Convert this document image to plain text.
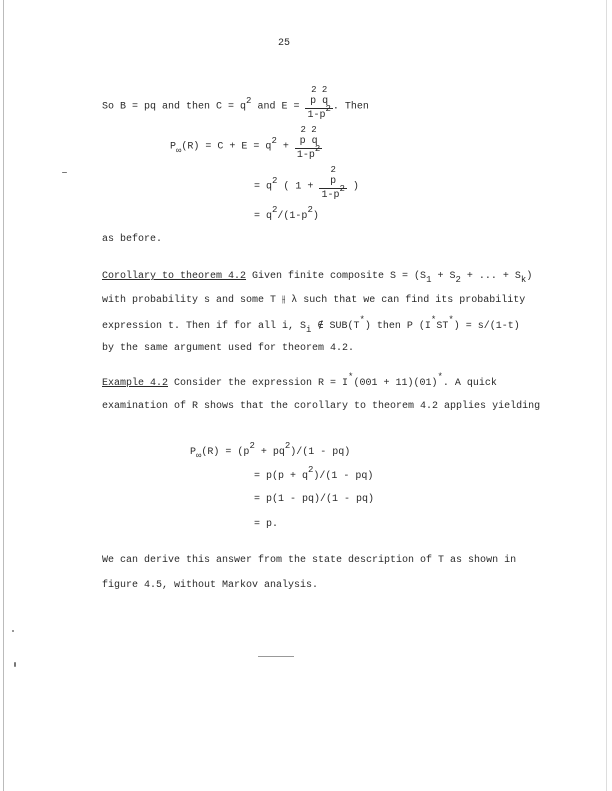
25
So B = pq and then C = q2 and E = 2 2
p q
1-p2 . Then
P∞(R) = C + E = q2 + 2 2
p q
1-p2
= q2 ( 1 + 2
p
1-p2 )
= q2/(1-p2)
as before.
Corollary to theorem 4.2 Given finite composite S = (S1 + S2 + ... + Sk)
with probability s and some T ⫲ λ such that we can find its probability
expression t. Then if for all i, Si ∉ SUB(T*) then P (I*ST*) = s/(1-t)
by the same argument used for theorem 4.2.
Example 4.2 Consider the expression R = I*(001 + 11)(01)*. A quick
examination of R shows that the corollary to theorem 4.2 applies yielding
P∞(R) = (p2 + pq2)/(1 - pq)
= p(p + q2)/(1 - pq)
= p(1 - pq)/(1 - pq)
= p.
We can derive this answer from the state description of T as shown in
figure 4.5, without Markov analysis.
